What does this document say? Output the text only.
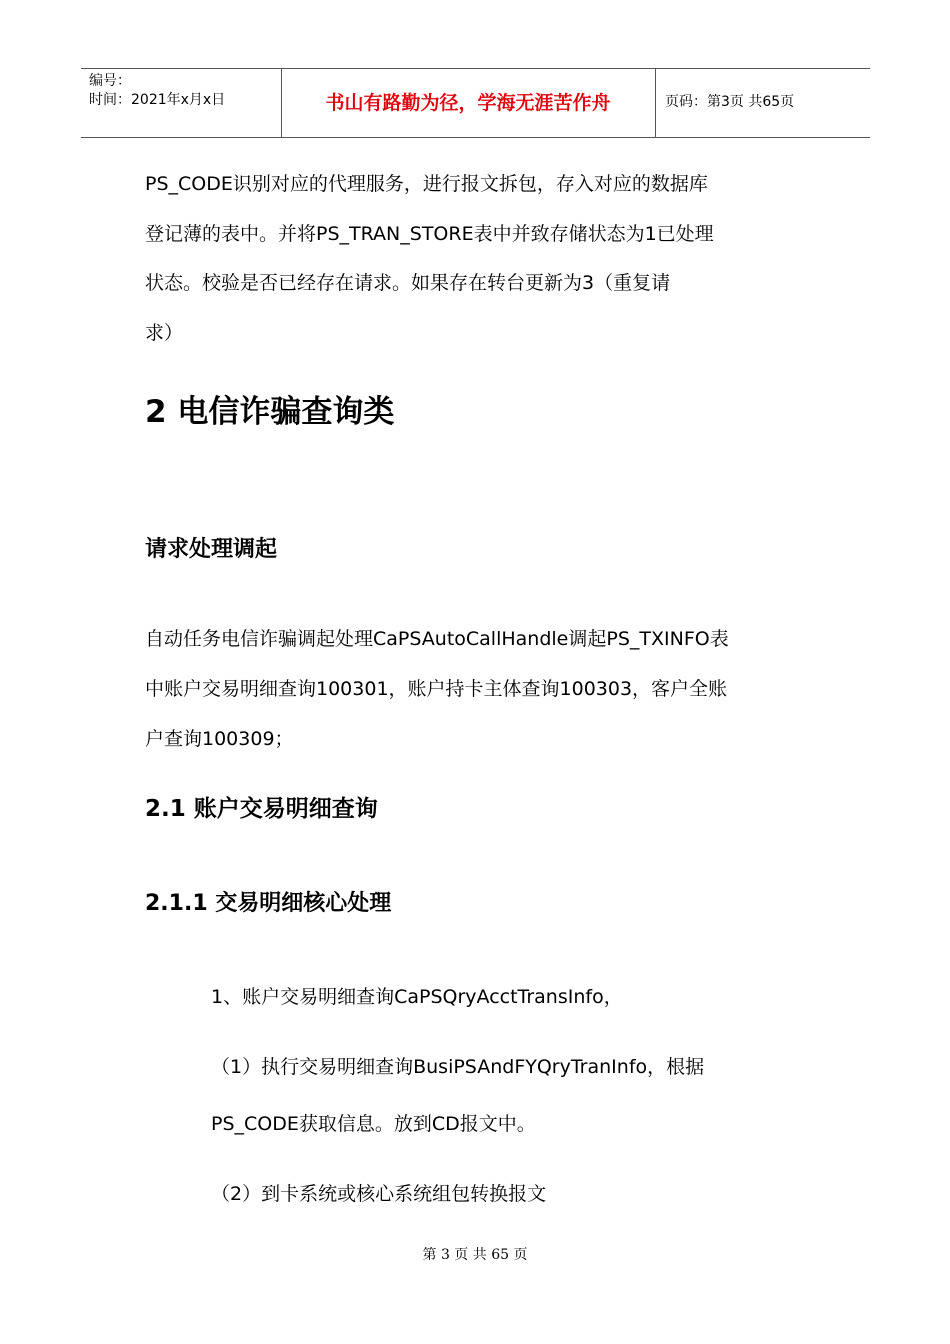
编号：
时间：2021年x月x日	书山有路勤为径，学海无涯苦作舟	页码：第3页 共65页
PS_CODE识别对应的代理服务，进行报文拆包，存入对应的数据库
登记薄的表中。并将PS_TRAN_STORE表中并致存储状态为1已处理
状态。校验是否已经存在请求。如果存在转台更新为3（重复请
求）
2 电信诈骗查询类
请求处理调起
自动任务电信诈骗调起处理CaPSAutoCallHandle调起PS_TXINFO表
中账户交易明细查询100301，账户持卡主体查询100303，客户全账
户查询100309；
2.1 账户交易明细查询
2.1.1 交易明细核心处理
1、账户交易明细查询CaPSQryAcctTransInfo，
（1）执行交易明细查询BusiPSAndFYQryTranInfo，根据
PS_CODE获取信息。放到CD报文中。
（2）到卡系统或核心系统组包转换报文
第 3 页 共 65 页
